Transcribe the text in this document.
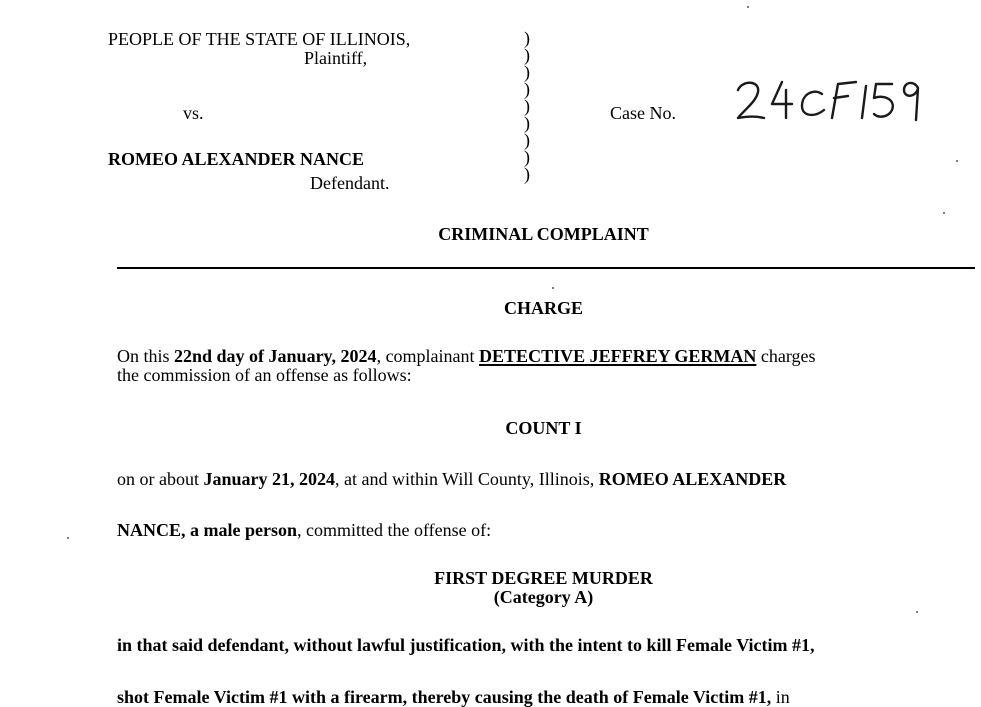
PEOPLE OF THE STATE OF ILLINOIS,
Plaintiff,
vs.
ROMEO ALEXANDER NANCE
Defendant.
)
)
)
)
)
)
)
)
)
Case No.
CRIMINAL COMPLAINT
CHARGE
On this 22nd day of January, 2024, complainant DETECTIVE JEFFREY GERMAN charges
the commission of an offense as follows:
COUNT I
on or about January 21, 2024, at and within Will County, Illinois, ROMEO ALEXANDER
NANCE, a male person, committed the offense of:
FIRST DEGREE MURDER
(Category A)
in that said defendant, without lawful justification, with the intent to kill Female Victim #1,
shot Female Victim #1 with a firearm, thereby causing the death of Female Victim #1, in
